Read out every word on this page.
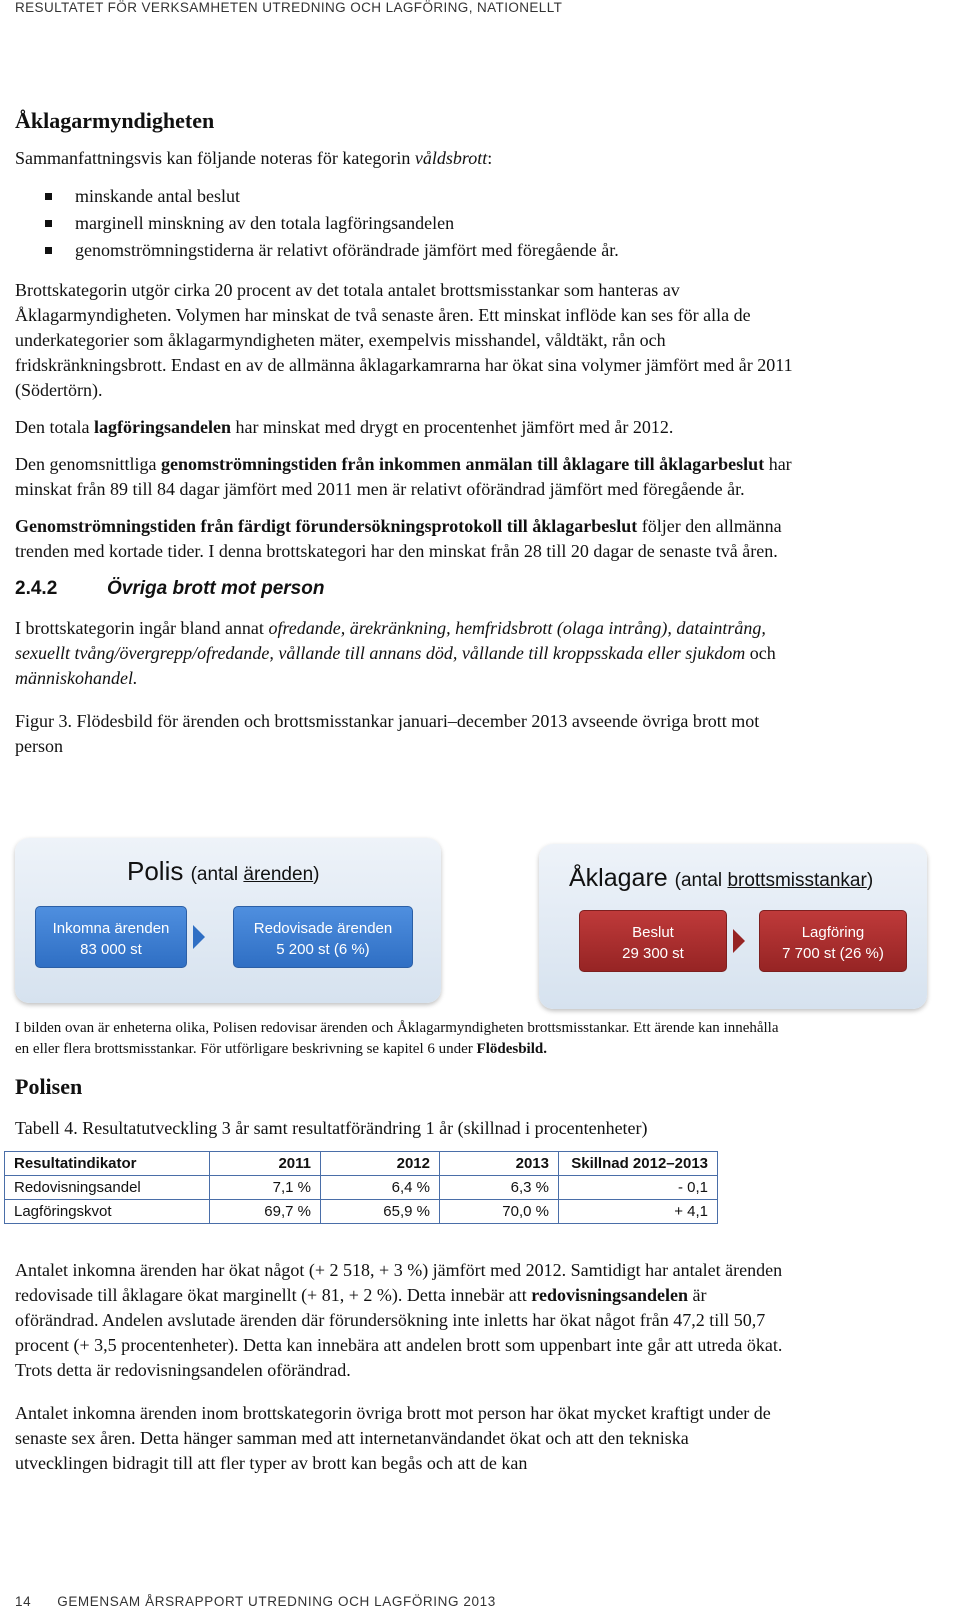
RESULTATET FÖR VERKSAMHETEN UTREDNING OCH LAGFÖRING, NATIONELLT
Åklagarmyndigheten

Sammanfattningsvis kan följande noteras för kategorin våldsbrott:

minskande antal beslut
marginell minskning av den totala lagföringsandelen
genomströmningstiderna är relativt oförändrade jämfört med föregående år.

Brottskategorin utgör cirka 20 procent av det totala antalet brottsmisstankar som hanteras av Åklagarmyndigheten. Volymen har minskat de två senaste åren. Ett minskat inflöde kan ses för alla de underkategorier som åklagarmyndigheten mäter, exempelvis misshandel, våldtäkt, rån och fridskränkningsbrott. Endast en av de allmänna åklagarkamrarna har ökat sina volymer jämfört med år 2011 (Södertörn).

Den totala lagföringsandelen har minskat med drygt en procentenhet jämfört med år 2012.

Den genomsnittliga genomströmningstiden från inkommen anmälan till åklagare till åklagarbeslut har minskat från 89 till 84 dagar jämfört med 2011 men är relativt oförändrad jämfört med föregående år.

Genomströmningstiden från färdigt förundersökningsprotokoll till åklagarbeslut följer den allmänna trenden med kortade tider. I denna brottskategori har den minskat från 28 till 20 dagar de senaste två åren.

2.4.2	Övriga brott mot person

I brottskategorin ingår bland annat ofredande, ärekränkning, hemfridsbrott (olaga intrång), dataintrång, sexuellt tvång/övergrepp/ofredande, vållande till annans död, vållande till kroppsskada eller sjukdom och människohandel.

Figur 3. Flödesbild för ärenden och brottsmisstankar januari–december 2013 avseende övriga brott mot person

Polis (antal ärenden)
Inkomna ärenden
83 000 st
Redovisade ärenden
5 200 st (6 %)
Åklagare (antal brottsmisstankar)
Beslut
29 300 st
Lagföring
7 700 st (26 %)

I bilden ovan är enheterna olika, Polisen redovisar ärenden och Åklagarmyndigheten brottsmisstankar. Ett ärende kan innehålla en eller flera brottsmisstankar. För utförligare beskrivning se kapitel 6 under Flödesbild.

Polisen

Tabell 4. Resultatutveckling 3 år samt resultatförändring 1 år (skillnad i procentenheter)

Resultatindikator	2011	2012	2013	Skillnad 2012–2013
Redovisningsandel	7,1 %	6,4 %	6,3 %	- 0,1
Lagföringskvot	69,7 %	65,9 %	70,0 %	+ 4,1

Antalet inkomna ärenden har ökat något (+ 2 518, + 3 %) jämfört med 2012. Samtidigt har antalet ärenden redovisade till åklagare ökat marginellt (+ 81, + 2 %). Detta innebär att redovisningsandelen är oförändrad. Andelen avslutade ärenden där förundersökning inte inletts har ökat något från 47,2 till 50,7 procent (+ 3,5 procentenheter). Detta kan innebära att andelen brott som uppenbart inte går att utreda ökat. Trots detta är redovisningsandelen oförändrad.

Antalet inkomna ärenden inom brottskategorin övriga brott mot person har ökat mycket kraftigt under de senaste sex åren. Detta hänger samman med att internetanvändandet ökat och att den tekniska utvecklingen bidragit till att fler typer av brott kan begås och att de kan

14 GEMENSAM ÅRSRAPPORT UTREDNING OCH LAGFÖRING 2013
